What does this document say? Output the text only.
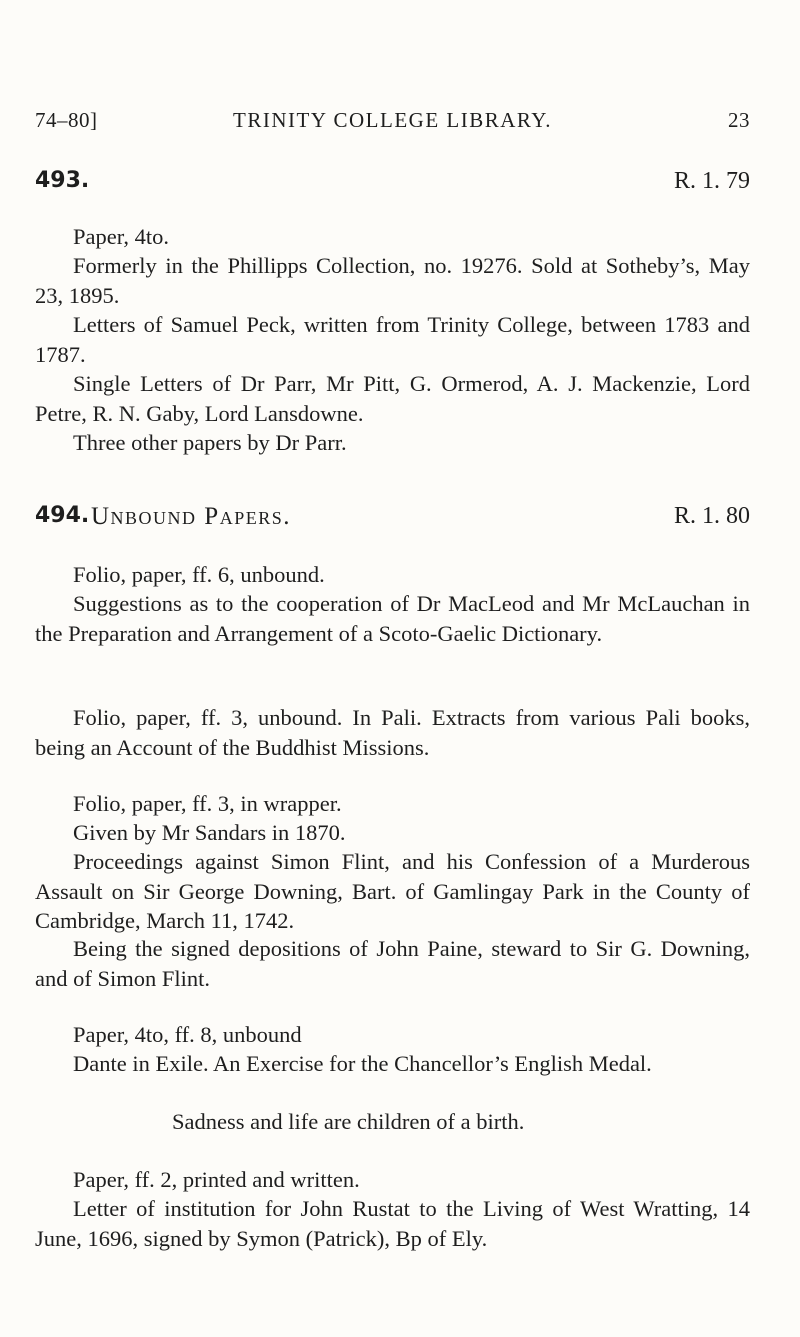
74–80]	TRINITY COLLEGE LIBRARY.	23
493.	R. 1. 79

Paper, 4to.

Formerly in the Phillipps Collection, no. 19276. Sold at Sotheby’s, May 23, 1895.

Letters of Samuel Peck, written from Trinity College, between 1783 and 1787.

Single Letters of Dr Parr, Mr Pitt, G. Ormerod, A. J. Mackenzie, Lord Petre, R. N. Gaby, Lord Lansdowne.

Three other papers by Dr Parr.

494. Unbound Papers.	R. 1. 80

Folio, paper, ff. 6, unbound.

Suggestions as to the cooperation of Dr MacLeod and Mr McLauchan in the Preparation and Arrangement of a Scoto-Gaelic Dictionary.

Folio, paper, ff. 3, unbound. In Pali. Extracts from various Pali books, being an Account of the Buddhist Missions.

Folio, paper, ff. 3, in wrapper.

Given by Mr Sandars in 1870.

Proceedings against Simon Flint, and his Confession of a Murderous Assault on Sir George Downing, Bart. of Gamlingay Park in the County of Cambridge, March 11, 1742.

Being the signed depositions of John Paine, steward to Sir G. Downing, and of Simon Flint.

Paper, 4to, ff. 8, unbound

Dante in Exile. An Exercise for the Chancellor’s English Medal.

Sadness and life are children of a birth.

Paper, ff. 2, printed and written.

Letter of institution for John Rustat to the Living of West Wratting, 14 June, 1696, signed by Symon (Patrick), Bp of Ely.
